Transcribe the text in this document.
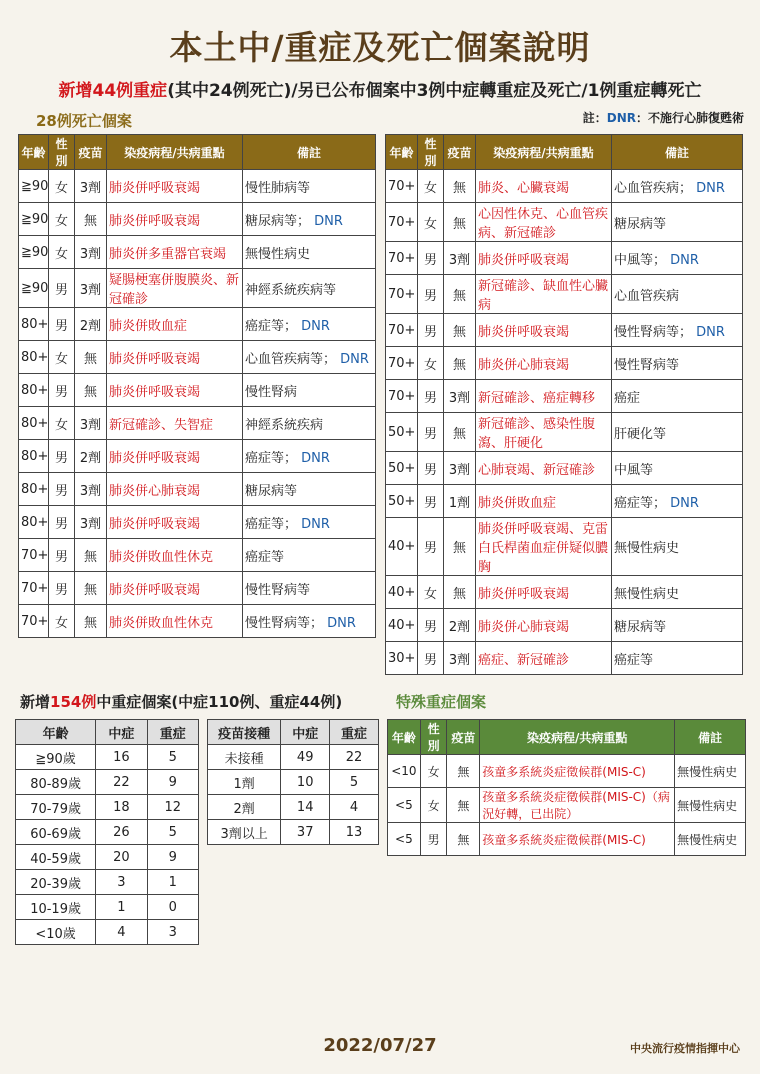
本土中/重症及死亡個案說明
新增44例重症(其中24例死亡)/另已公布個案中3例中症轉重症及死亡/1例重症轉死亡
28例死亡個案	註：DNR：不施行心肺復甦術
年齡	性別	疫苗	染疫病程/共病重點	備註
≧90	女	3劑	肺炎併呼吸衰竭	慢性肺病等
≧90	女	無	肺炎併呼吸衰竭	糖尿病等； DNR
≧90	女	3劑	肺炎併多重器官衰竭	無慢性病史
≧90	男	3劑	疑腸梗塞併腹膜炎、新冠確診	神經系統疾病等
80+	男	2劑	肺炎併敗血症	癌症等； DNR
80+	女	無	肺炎併呼吸衰竭	心血管疾病等； DNR
80+	男	無	肺炎併呼吸衰竭	慢性腎病
80+	女	3劑	新冠確診、失智症	神經系統疾病
80+	男	2劑	肺炎併呼吸衰竭	癌症等； DNR
80+	男	3劑	肺炎併心肺衰竭	糖尿病等
80+	男	3劑	肺炎併呼吸衰竭	癌症等； DNR
70+	男	無	肺炎併敗血性休克	癌症等
70+	男	無	肺炎併呼吸衰竭	慢性腎病等
70+	女	無	肺炎併敗血性休克	慢性腎病等； DNR
年齡	性別	疫苗	染疫病程/共病重點	備註
70+	女	無	肺炎、心臟衰竭	心血管疾病； DNR
70+	女	無	心因性休克、心血管疾病、新冠確診	糖尿病等
70+	男	3劑	肺炎併呼吸衰竭	中風等； DNR
70+	男	無	新冠確診、缺血性心臟病	心血管疾病
70+	男	無	肺炎併呼吸衰竭	慢性腎病等； DNR
70+	女	無	肺炎併心肺衰竭	慢性腎病等
70+	男	3劑	新冠確診、癌症轉移	癌症
50+	男	無	新冠確診、感染性腹瀉、肝硬化	肝硬化等
50+	男	3劑	心肺衰竭、新冠確診	中風等
50+	男	1劑	肺炎併敗血症	癌症等； DNR
40+	男	無	肺炎併呼吸衰竭、克雷白氏桿菌血症併疑似膿胸	無慢性病史
40+	女	無	肺炎併呼吸衰竭	無慢性病史
40+	男	2劑	肺炎併心肺衰竭	糖尿病等
30+	男	3劑	癌症、新冠確診	癌症等
新增154例中重症個案(中症110例、重症44例)	特殊重症個案
年齡	中症	重症
≧90歲	16	5
80-89歲	22	9
70-79歲	18	12
60-69歲	26	5
40-59歲	20	9
20-39歲	3	1
10-19歲	1	0
<10歲	4	3
疫苗接種	中症	重症
未接種	49	22
1劑	10	5
2劑	14	4
3劑以上	37	13
年齡	性別	疫苗	染疫病程/共病重點	備註
<10	女	無	孩童多系統炎症徵候群(MIS-C)	無慢性病史
<5	女	無	孩童多系統炎症徵候群(MIS-C)（病況好轉，已出院）	無慢性病史
<5	男	無	孩童多系統炎症徵候群(MIS-C)	無慢性病史
2022/07/27	中央流行疫情指揮中心
